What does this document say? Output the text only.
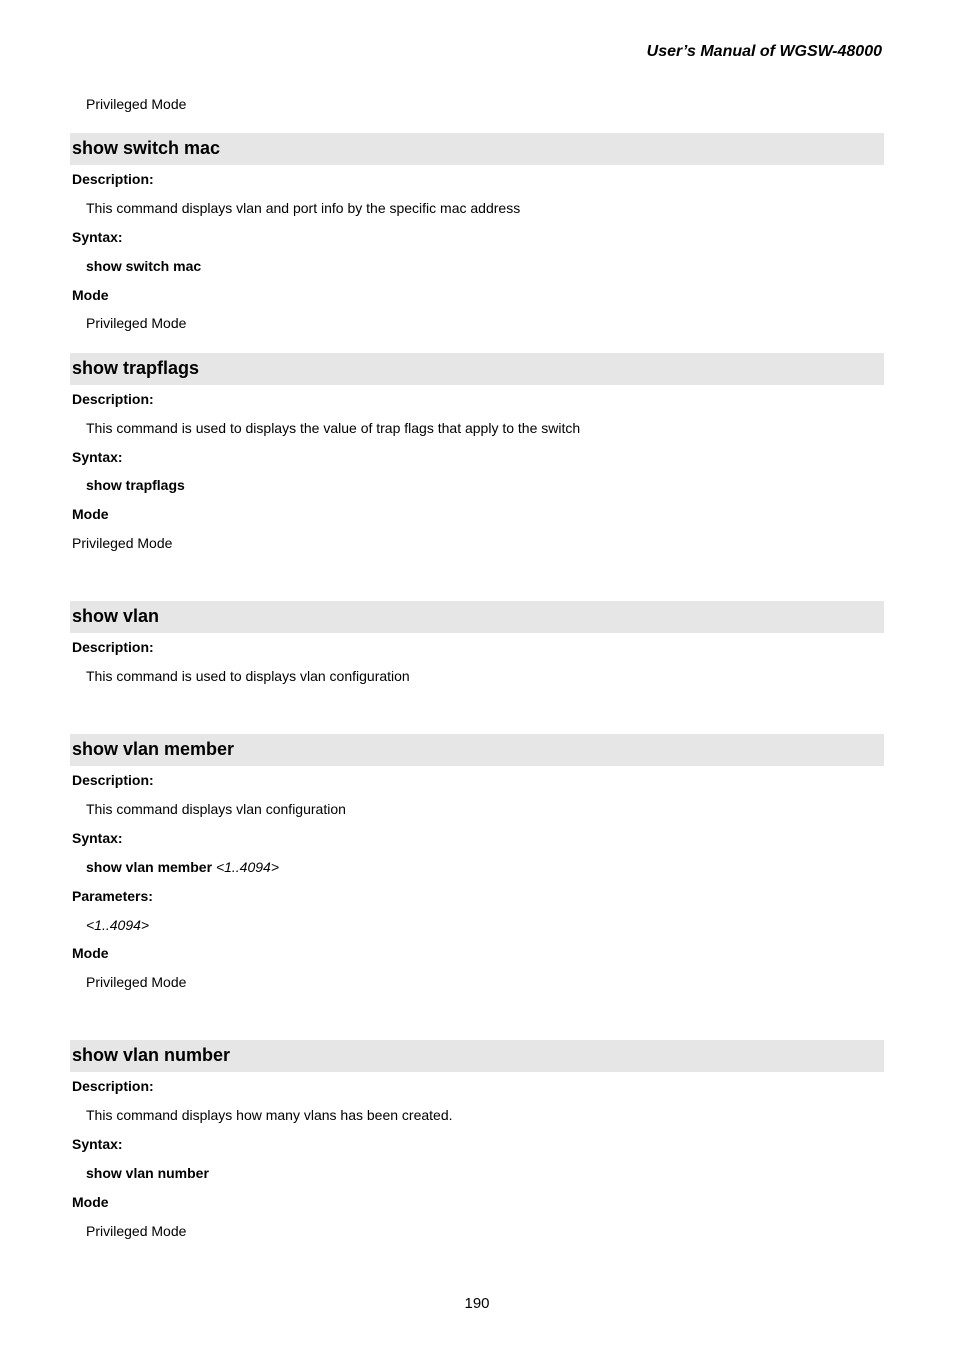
User’s Manual of WGSW-48000
Privileged Mode
show switch mac
Description:
This command displays vlan and port info by the specific mac address
Syntax:
show switch mac
Mode
Privileged Mode
show trapflags
Description:
This command is used to displays the value of trap flags that apply to the switch
Syntax:
show trapflags
Mode
Privileged Mode
show vlan
Description:
This command is used to displays vlan configuration
show vlan member
Description:
This command displays vlan configuration
Syntax:
show vlan member <1..4094>
Parameters:
<1..4094>
Mode
Privileged Mode
show vlan number
Description:
This command displays how many vlans has been created.
Syntax:
show vlan number
Mode
Privileged Mode
190
